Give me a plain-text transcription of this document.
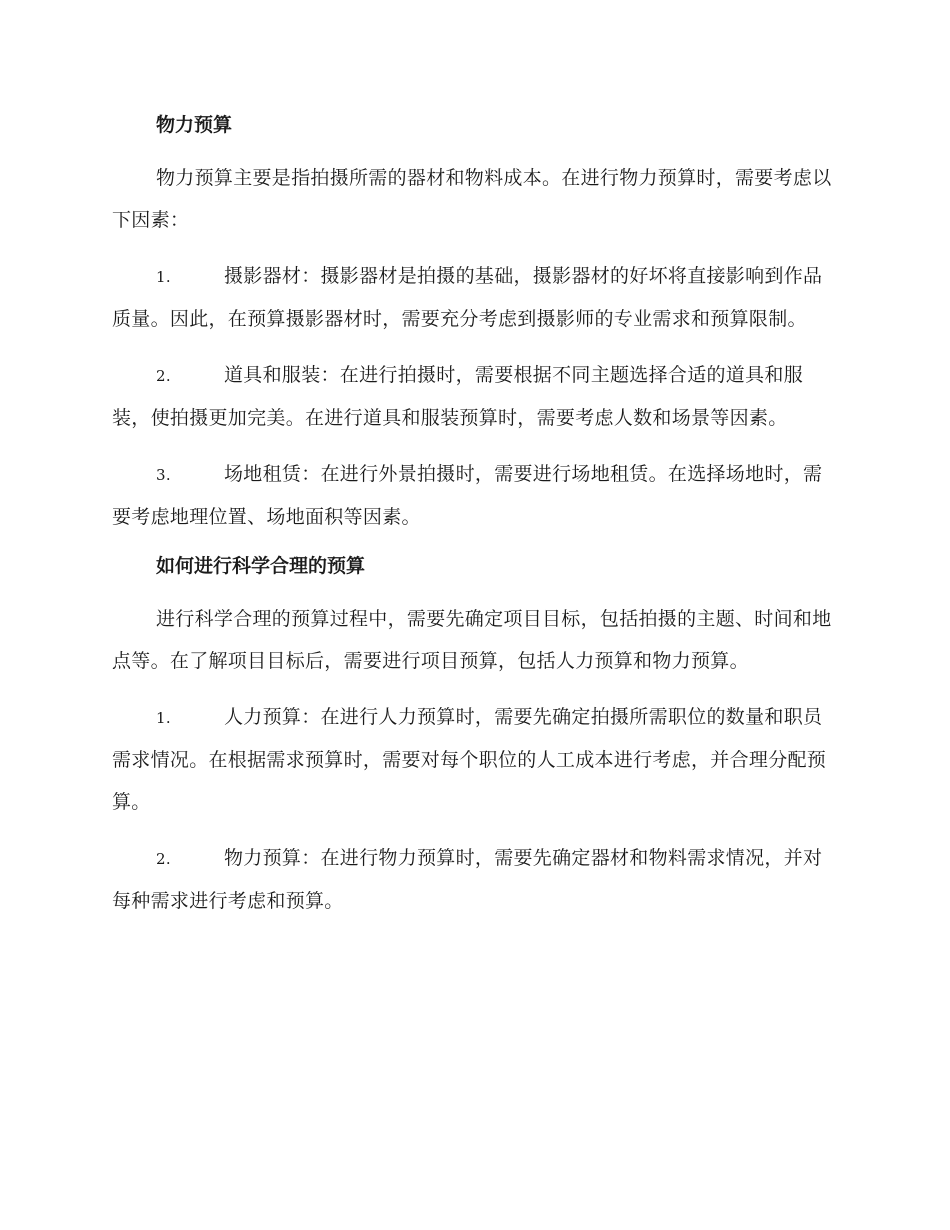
物力预算

物力预算主要是指拍摄所需的器材和物料成本。在进行物力预算时，需要考虑以下因素：

1.	摄影器材：摄影器材是拍摄的基础，摄影器材的好坏将直接影响到作品质量。因此，在预算摄影器材时，需要充分考虑到摄影师的专业需求和预算限制。

2.	道具和服装：在进行拍摄时，需要根据不同主题选择合适的道具和服装，使拍摄更加完美。在进行道具和服装预算时，需要考虑人数和场景等因素。

3.	场地租赁：在进行外景拍摄时，需要进行场地租赁。在选择场地时，需要考虑地理位置、场地面积等因素。

如何进行科学合理的预算

进行科学合理的预算过程中，需要先确定项目目标，包括拍摄的主题、时间和地点等。在了解项目目标后，需要进行项目预算，包括人力预算和物力预算。

1.	人力预算：在进行人力预算时，需要先确定拍摄所需职位的数量和职员需求情况。在根据需求预算时，需要对每个职位的人工成本进行考虑，并合理分配预算。

2.	物力预算：在进行物力预算时，需要先确定器材和物料需求情况，并对每种需求进行考虑和预算。
